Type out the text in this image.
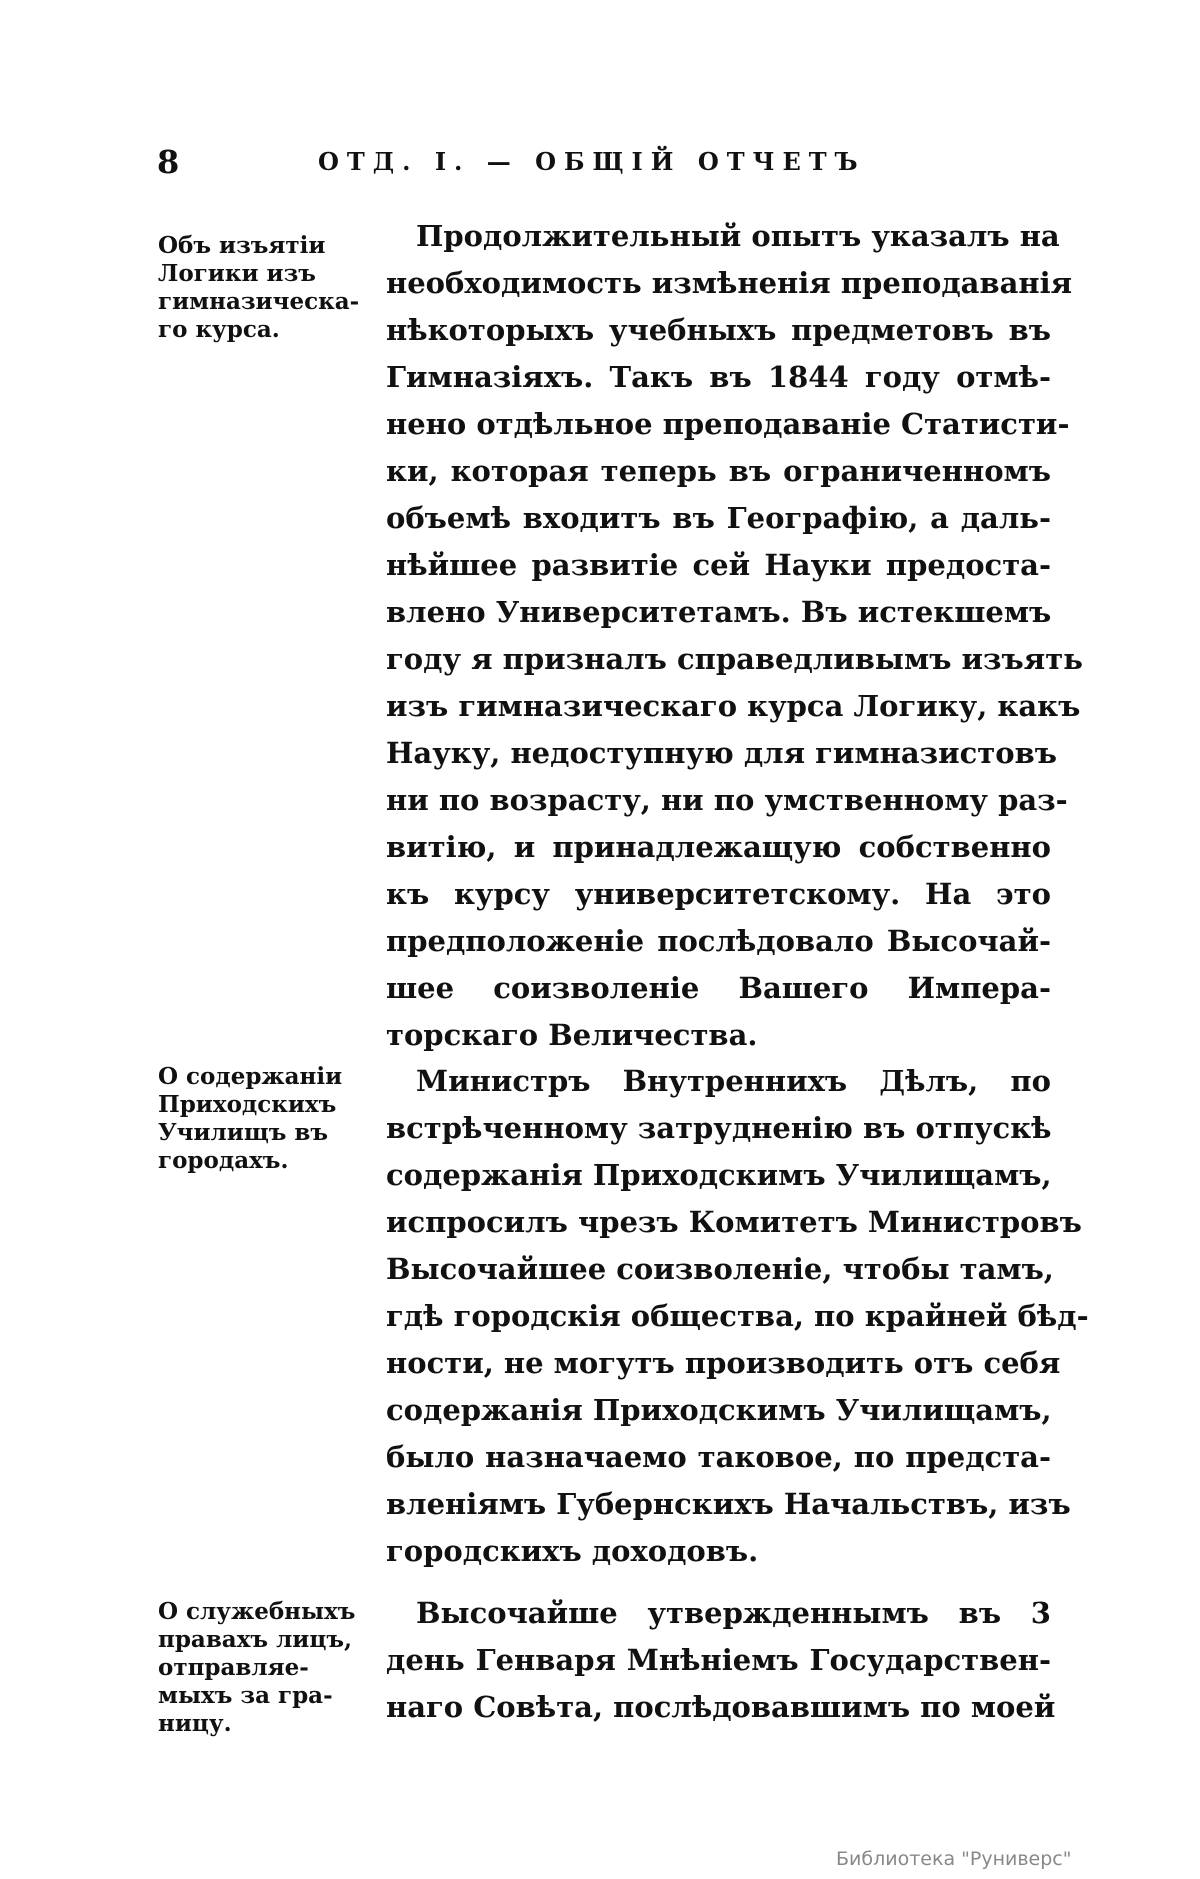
8	ОТД. I. — ОБЩІЙ ОТЧЕТЪ
Объ изъятіи
Логики изъ
гимназическа-
го курса.
Продолжительный опытъ указалъ на
необходимость измѣненія преподаванія
нѣкоторыхъ учебныхъ предметовъ въ
Гимназіяхъ. Такъ въ 1844 году отмѣ-
нено отдѣльное преподаваніе Статисти-
ки, которая теперь въ ограниченномъ
объемѣ входитъ въ Географію, а даль-
нѣйшее развитіе сей Науки предоста-
влено Университетамъ. Въ истекшемъ
году я призналъ справедливымъ изъять
изъ гимназическаго курса Логику, какъ
Науку, недоступную для гимназистовъ
ни по возрасту, ни по умственному раз-
витію, и принадлежащую собственно
къ курсу университетскому. На это
предположеніе послѣдовало Высочай-
шее соизволеніе Вашего Импера-
торскаго Величества.
О содержаніи
Приходскихъ
Училищъ въ
городахъ.
Министръ Внутреннихъ Дѣлъ, по
встрѣченному затрудненію въ отпускѣ
содержанія Приходскимъ Училищамъ,
испросилъ чрезъ Комитетъ Министровъ
Высочайшее соизволеніе, чтобы тамъ,
гдѣ городскія общества, по крайней бѣд-
ности, не могутъ производить отъ себя
содержанія Приходскимъ Училищамъ,
было назначаемо таковое, по предста-
вленіямъ Губернскихъ Начальствъ, изъ
городскихъ доходовъ.
О служебныхъ
правахъ лицъ,
отправляе-
мыхъ за гра-
ницу.
Высочайше утвержденнымъ въ 3
день Генваря Мнѣніемъ Государствен-
наго Совѣта, послѣдовавшимъ по моей
Библиотека "Руниверс"
